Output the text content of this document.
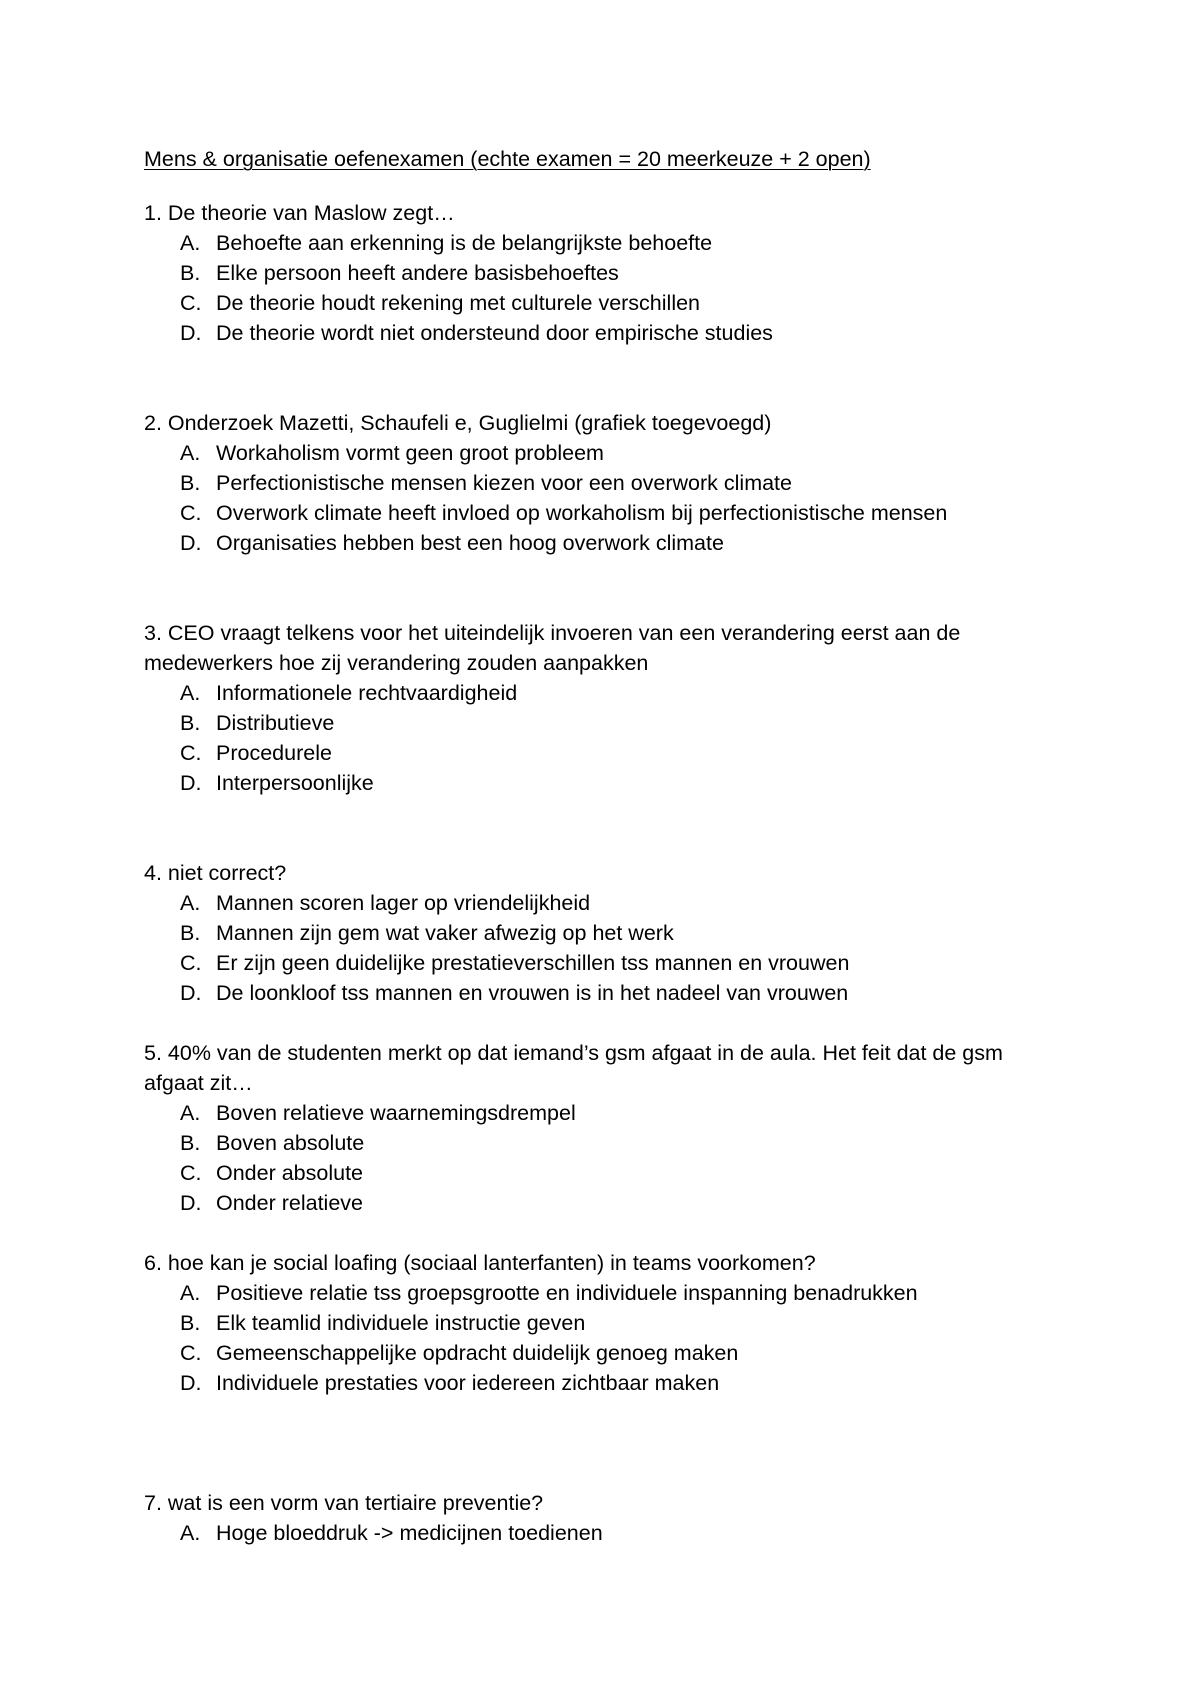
Mens & organisatie oefenexamen (echte examen = 20 meerkeuze + 2 open)

1. De theorie van Maslow zegt…

A. Behoefte aan erkenning is de belangrijkste behoefte
B. Elke persoon heeft andere basisbehoeftes
C. De theorie houdt rekening met culturele verschillen
D. De theorie wordt niet ondersteund door empirische studies

2. Onderzoek Mazetti, Schaufeli e, Guglielmi (grafiek toegevoegd)

A. Workaholism vormt geen groot probleem
B. Perfectionistische mensen kiezen voor een overwork climate
C. Overwork climate heeft invloed op workaholism bij perfectionistische mensen
D. Organisaties hebben best een hoog overwork climate

3. CEO vraagt telkens voor het uiteindelijk invoeren van een verandering eerst aan de medewerkers hoe zij verandering zouden aanpakken

A. Informationele rechtvaardigheid
B. Distributieve
C. Procedurele
D. Interpersoonlijke

4. niet correct?

A. Mannen scoren lager op vriendelijkheid
B. Mannen zijn gem wat vaker afwezig op het werk
C. Er zijn geen duidelijke prestatieverschillen tss mannen en vrouwen
D. De loonkloof tss mannen en vrouwen is in het nadeel van vrouwen

5. 40% van de studenten merkt op dat iemand’s gsm afgaat in de aula. Het feit dat de gsm afgaat zit…

A. Boven relatieve waarnemingsdrempel
B. Boven absolute
C. Onder absolute
D. Onder relatieve

6. hoe kan je social loafing (sociaal lanterfanten) in teams voorkomen?

A. Positieve relatie tss groepsgrootte en individuele inspanning benadrukken
B. Elk teamlid individuele instructie geven
C. Gemeenschappelijke opdracht duidelijk genoeg maken
D. Individuele prestaties voor iedereen zichtbaar maken

7. wat is een vorm van tertiaire preventie?

A. Hoge bloeddruk -> medicijnen toedienen
